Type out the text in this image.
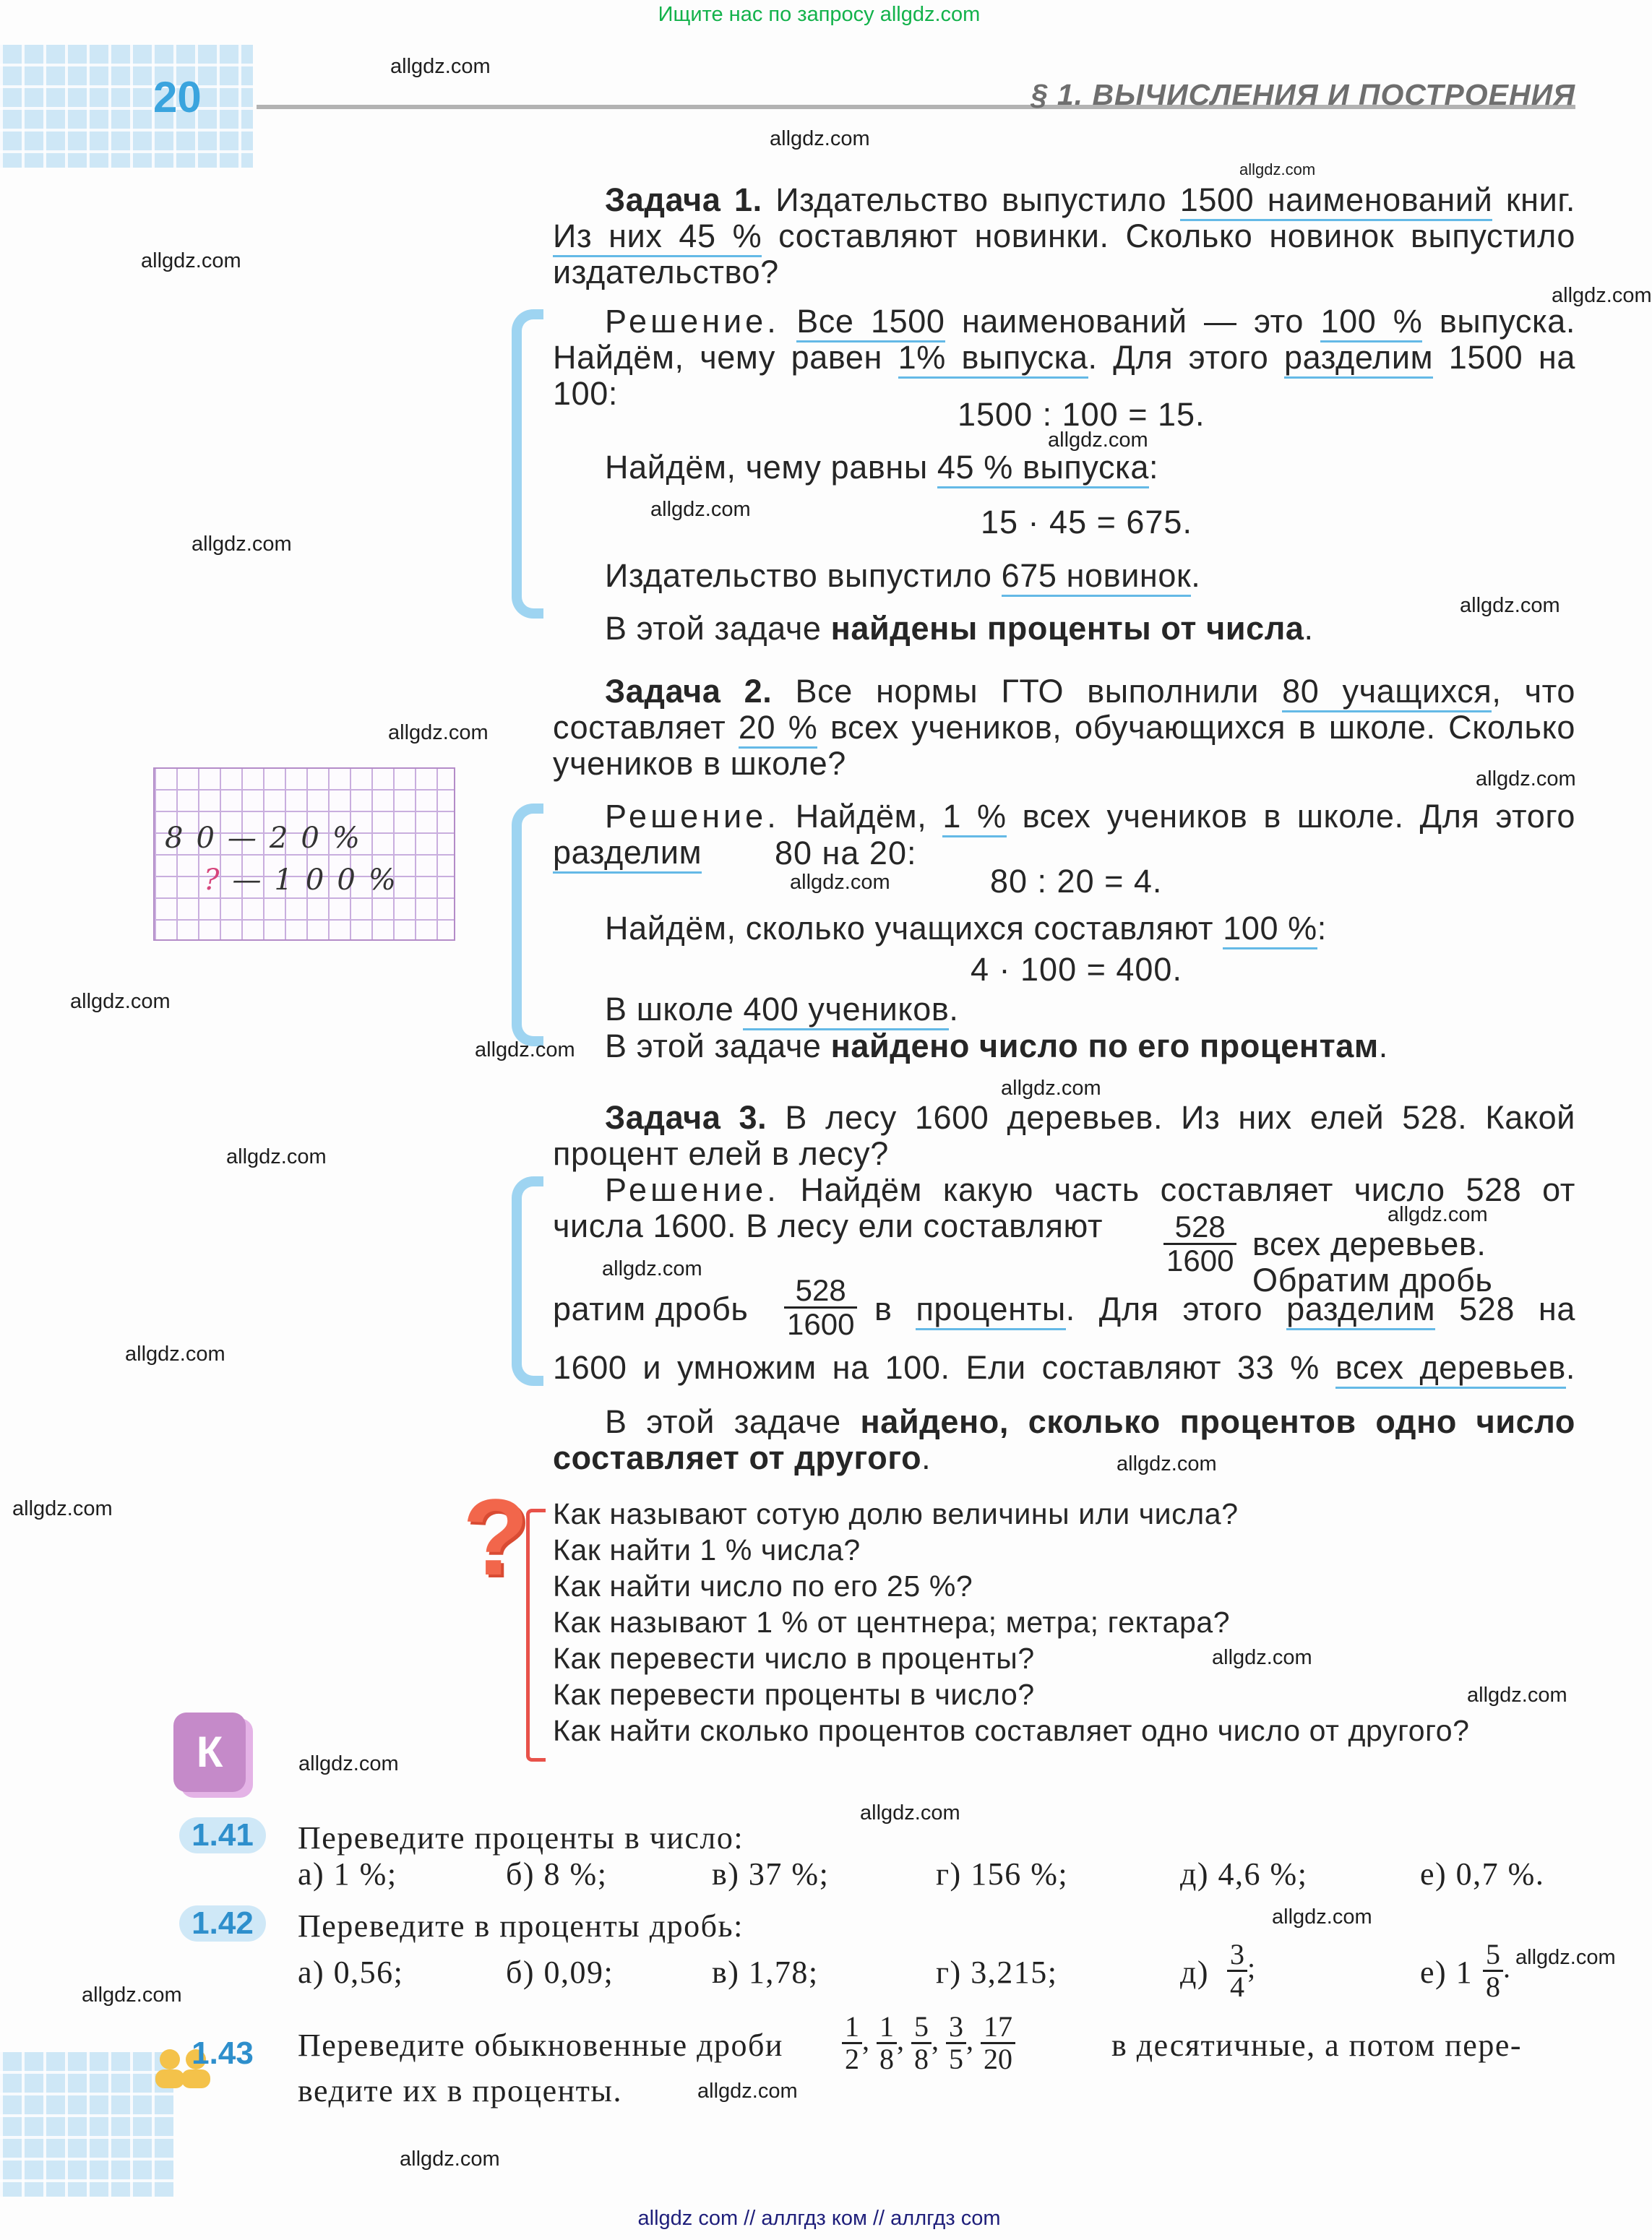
Ищите нас по запросу allgdz.com
20	§ 1. ВЫЧИСЛЕНИЯ И ПОСТРОЕНИЯ
Задача 1. Издательство выпустило 1500 наименований книг. Из них 45 % составляют новинки. Сколько новинок выпустило издательство?
Решение. Все 1500 наименований — это 100 % выпуска. Найдём, чему равен 1% выпуска. Для этого разделим 1500 на 100:
1500 : 100 = 15.
Найдём, чему равны 45 % выпуска:
15 · 45 = 675.
Издательство выпустило 675 новинок.
В этой задаче найдены проценты от числа.
Задача 2. Все нормы ГТО выполнили 80 учащихся, что составляет 20 % всех учеников, обучающихся в школе. Сколько учеников в школе?
80—20%
?—100%
Решение. Найдём, 1 % всех учеников в школе. Для этого разделим	80 на 20:
80 : 20 = 4.
Найдём, сколько учащихся составляют 100 %:
4 · 100 = 400.
В школе 400 учеников.
В этой задаче найдено число по его процентам.
Задача 3. В лесу 1600 деревьев. Из них елей 528. Какой процент елей в лесу?
Решение. Найдём какую часть составляет число 528 от числа 1600. В лесу ели составляют	$\frac{528}{1600}$ всех деревьев. Обратим дробь
ратим дробь $\frac{528}{1600}$ в проценты. Для этого разделим 528 на
1600 и умножим на 100. Ели составляют 33 % всех деревьев.
В этой задаче найдено, сколько процентов одно число составляет от другого.
? Как называют сотую долю величины или числа?
Как найти 1 % числа?
Как найти число по его 25 %?
Как называют 1 % от центнера; метра; гектара?
Как перевести число в проценты?
Как перевести проценты в число?
Как найти сколько процентов составляет одно число от другого?
К
1.41	Переведите проценты в число:
а) 1 %;	б) 8 %;	в) 37 %;	г) 156 %;	д) 4,6 %;	е) 0,7 %.
1.42	Переведите в проценты дробь:
а) 0,56;	б) 0,09;	в) 1,78;	г) 3,215;	$д) \frac{3}{4}$ ;	е) $1 \frac{5}{8}$ .
1.43	Переведите обыкновенные дроби $\frac{1}{2}$ , $\frac{1}{8}$ , $\frac{5}{8}$ , $\frac{3}{5}$ , $\frac{17}{20}$	в десятичные, а потом пере-
ведите их в проценты.
allgdz.com
allgdz.com
allgdz.com
allgdz.com
allgdz.com
allgdz.com
allgdz.com
allgdz.com
allgdz.com
allgdz.com
allgdz.com
allgdz.com
allgdz.com
allgdz.com
allgdz.com
allgdz.com
allgdz.com
allgdz.com
allgdz.com
allgdz.com
allgdz.com
allgdz.com
allgdz.com
allgdz.com
allgdz.com
allgdz.com
allgdz.com
allgdz.com
allgdz.com
allgdz.com
allgdz com // аллгдз ком // аллгдз com
